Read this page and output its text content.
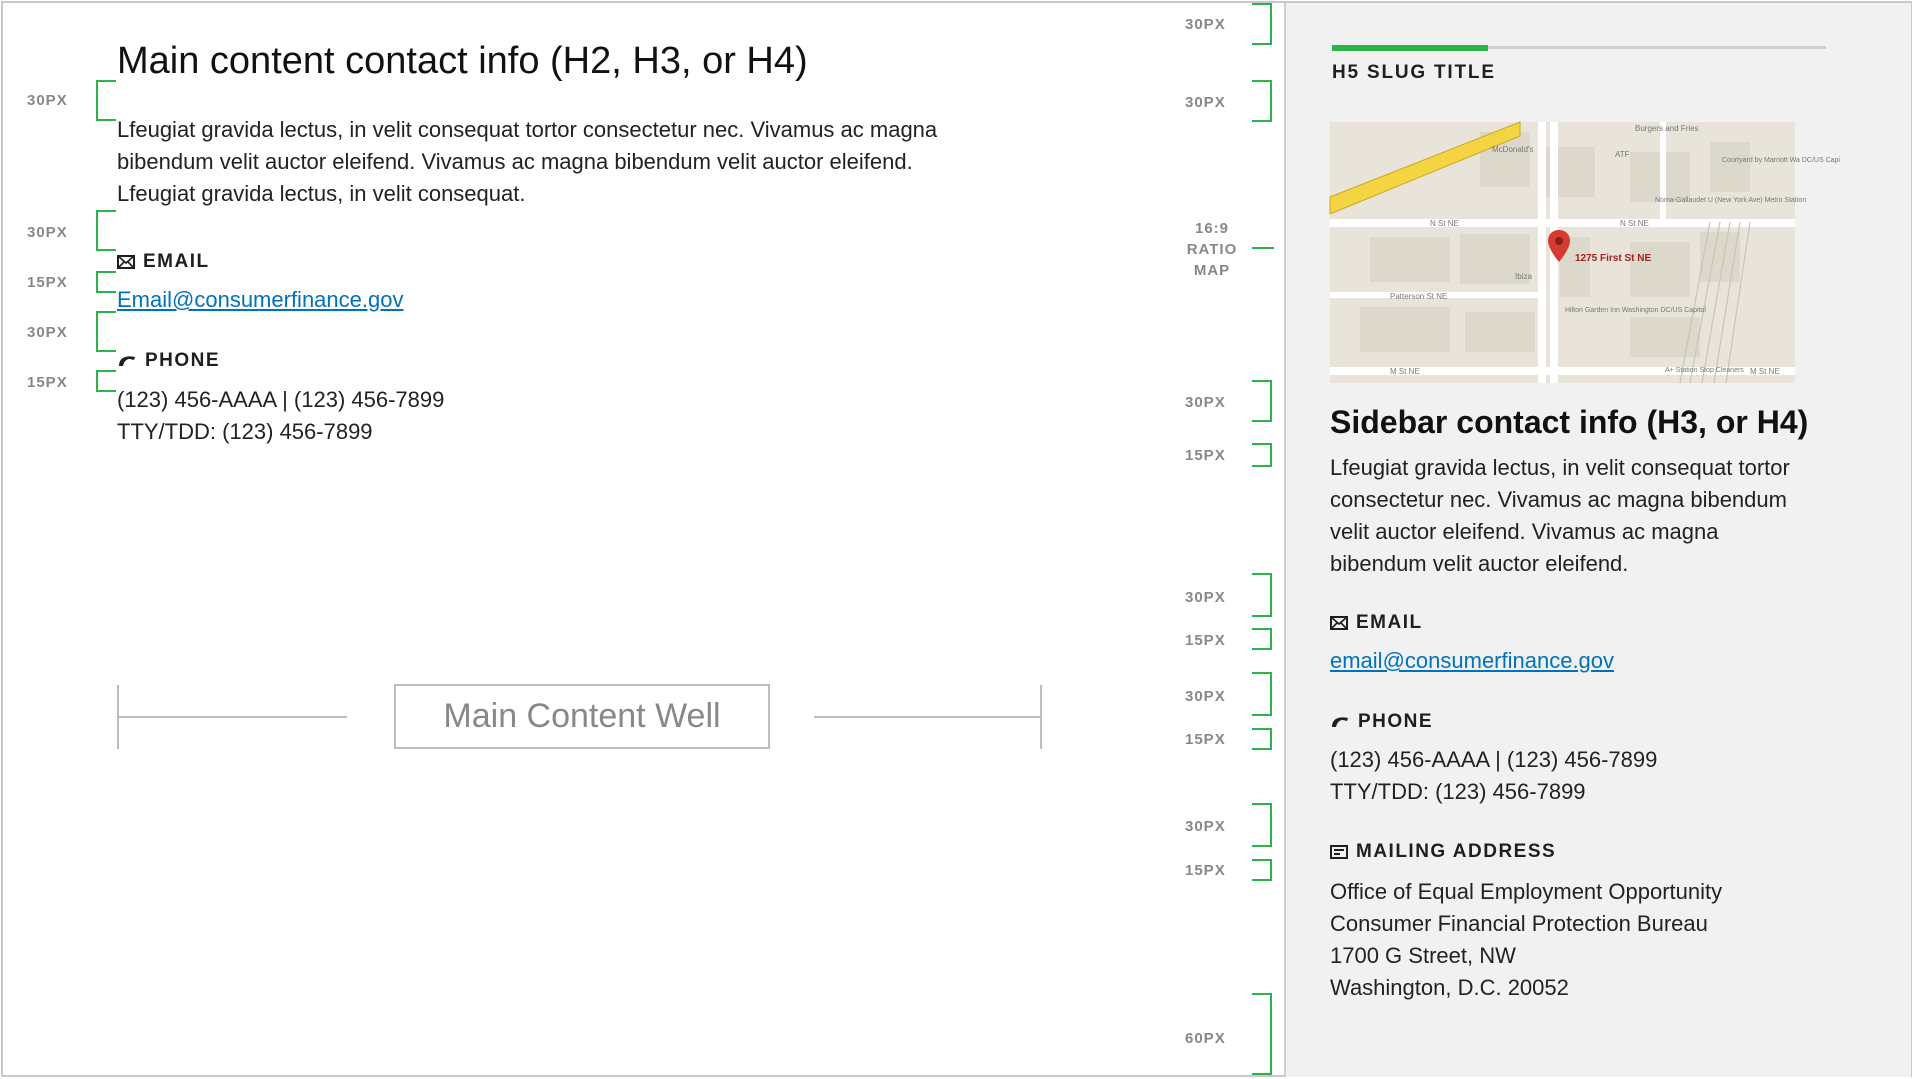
Main content contact info (H2, H3, or H4)

Lfeugiat gravida lectus, in velit consequat tortor consectetur nec. Vivamus ac magna bibendum velit auctor eleifend. Vivamus ac magna bibendum velit auctor eleifend. Lfeugiat gravida lectus, in velit consequat.

EMAIL
Email@consumerfinance.gov
PHONE
(123) 456-AAAA | (123) 456-7899
TTY/TDD: (123) 456-7899
30PX
30PX
15PX
30PX
15PX
Main Content Well
30PX
30PX
16:9
RATIO
MAP
30PX
15PX
30PX
15PX
30PX
15PX
30PX
15PX
60PX
H5 SLUG TITLE
Burgers and Fries
McDonald's
ATF
Courtyard by Marriott Wa DC/US Capi
Noma-Gallaudet U (New York Ave) Metro Station
Ibiza
Hilton Garden Inn Washington DC/US Capitol
A+ Station Stop Cleaners
N St NE	N St NE
Patterson St NE
M St NE	M St NE
1275 First St NE
Sidebar contact info (H3, or H4)

Lfeugiat gravida lectus, in velit consequat tortor consectetur nec. Vivamus ac magna bibendum velit auctor eleifend. Vivamus ac magna bibendum velit auctor eleifend.

EMAIL
email@consumerfinance.gov
PHONE
(123) 456-AAAA | (123) 456-7899
TTY/TDD: (123) 456-7899
MAILING ADDRESS
Office of Equal Employment Opportunity
Consumer Financial Protection Bureau
1700 G Street, NW
Washington, D.C. 20052
